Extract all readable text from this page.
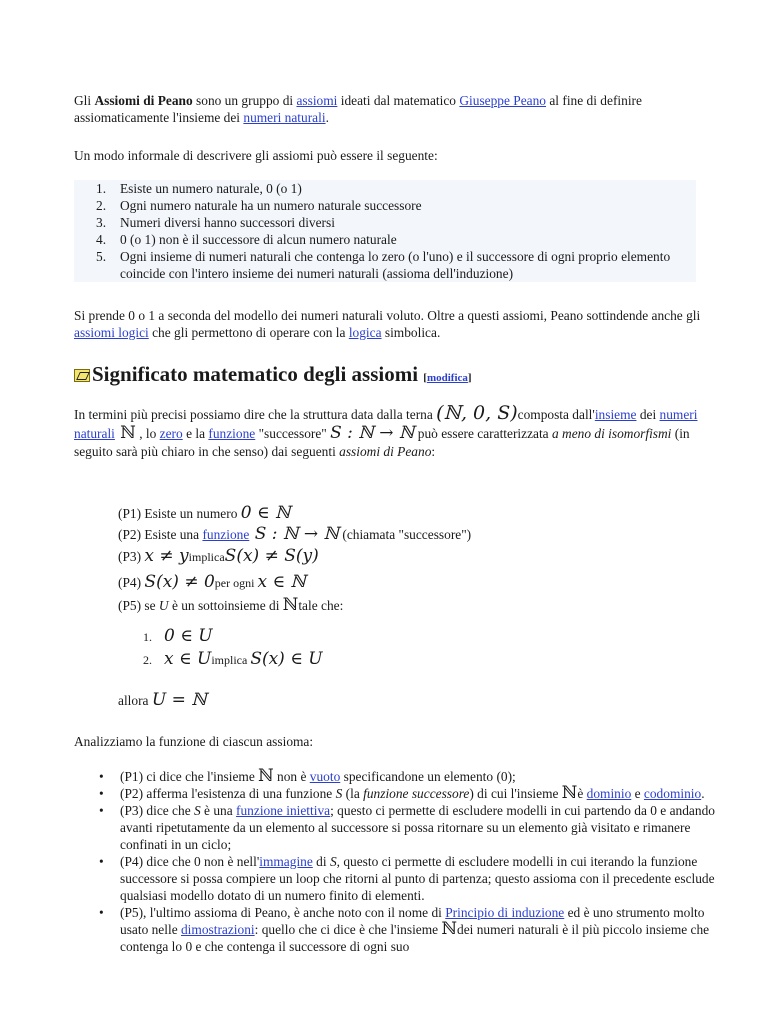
Gli Assiomi di Peano sono un gruppo di assiomi ideati dal matematico Giuseppe Peano al fine di definire assiomaticamente l'insieme dei numeri naturali.

Un modo informale di descrivere gli assiomi può essere il seguente:

1. Esiste un numero naturale, 0 (o 1)
2. Ogni numero naturale ha un numero naturale successore
3. Numeri diversi hanno successori diversi
4. 0 (o 1) non è il successore di alcun numero naturale
5. Ogni insieme di numeri naturali che contenga lo zero (o l'uno) e il successore di ogni proprio elemento coincide con l'intero insieme dei numeri naturali (assioma dell'induzione)

Si prende 0 o 1 a seconda del modello dei numeri naturali voluto. Oltre a questi assiomi, Peano sottindende anche gli assiomi logici che gli permettono di operare con la logica simbolica.

Significato matematico degli assiomi [modifica]

In termini più precisi possiamo dire che la struttura data dalla terna (ℕ, 0, S)composta dall'insieme dei numeri naturali ℕ , lo zero e la funzione "successore" S : ℕ → ℕ può essere caratterizzata a meno di isomorfismi (in seguito sarà più chiaro in che senso) dai seguenti assiomi di Peano:

(P1) Esiste un numero 0 ∈ ℕ
(P2) Esiste una funzione S : ℕ → ℕ (chiamata "successore")
(P3) x ≠ yimplicaS(x) ≠ S(y)
(P4) S(x) ≠ 0per ogni x ∈ ℕ
(P5) se U è un sottoinsieme di ℕtale che:
1. 0 ∈ U
2. x ∈ Uimplica S(x) ∈ U
allora U = ℕ

Analizziamo la funzione di ciascun assioma:

• (P1) ci dice che l'insieme ℕ non è vuoto specificandone un elemento (0);
• (P2) afferma l'esistenza di una funzione S (la funzione successore) di cui l'insieme ℕè dominio e codominio.
• (P3) dice che S è una funzione iniettiva; questo ci permette di escludere modelli in cui partendo da 0 e andando avanti ripetutamente da un elemento al successore si possa ritornare su un elemento già visitato e rimanere confinati in un ciclo;
• (P4) dice che 0 non è nell'immagine di S, questo ci permette di escludere modelli in cui iterando la funzione successore si possa compiere un loop che ritorni al punto di partenza; questo assioma con il precedente esclude qualsiasi modello dotato di un numero finito di elementi.
• (P5), l'ultimo assioma di Peano, è anche noto con il nome di Principio di induzione ed è uno strumento molto usato nelle dimostrazioni: quello che ci dice è che l'insieme ℕdei numeri naturali è il più piccolo insieme che contenga lo 0 e che contenga il successore di ogni suo
